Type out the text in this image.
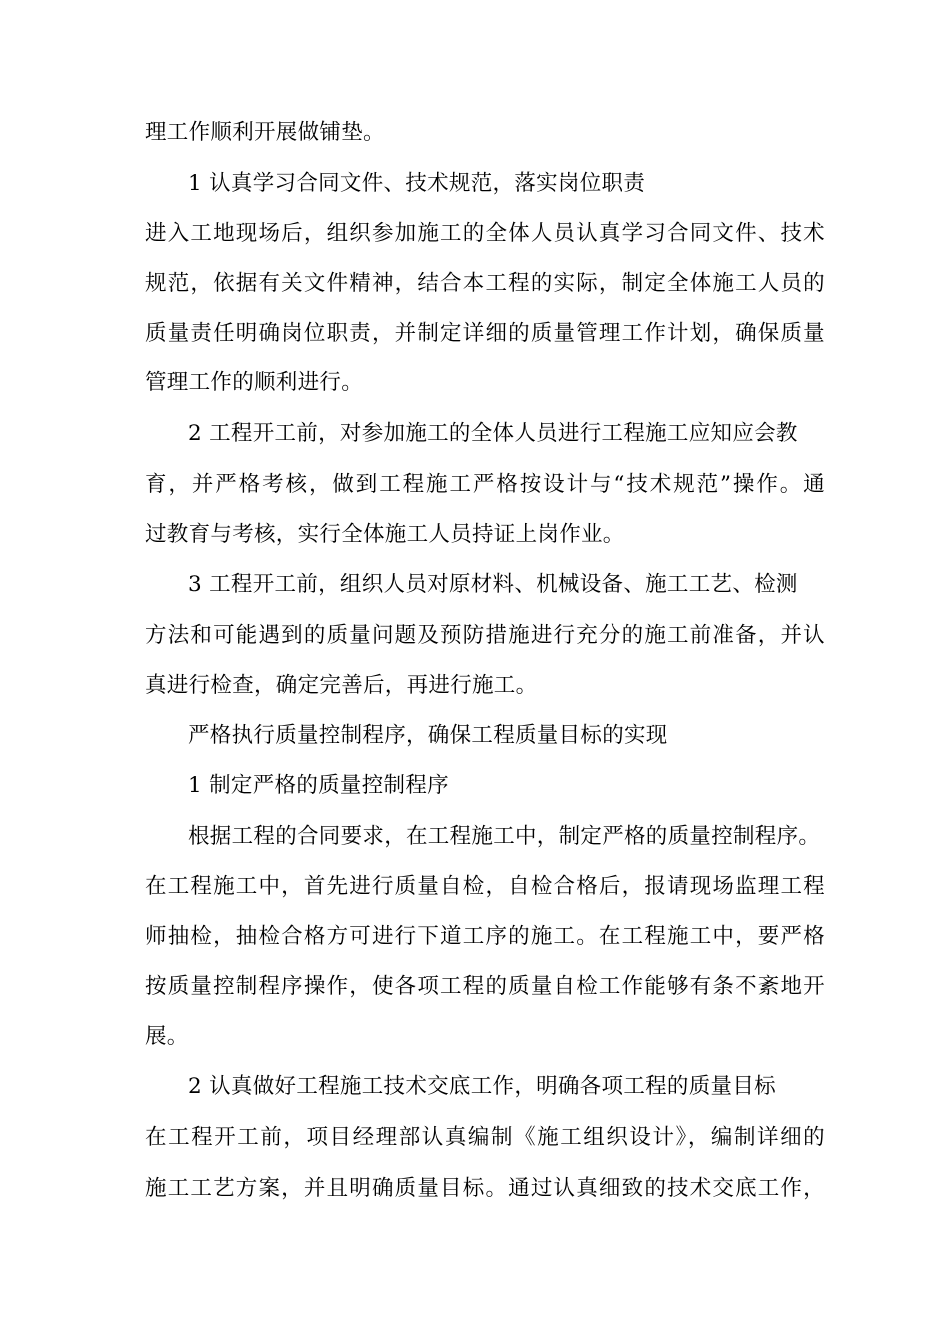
理工作顺利开展做铺垫。
1 认真学习合同文件、技术规范，落实岗位职责
进入工地现场后，组织参加施工的全体人员认真学习合同文件、技术
规范，依据有关文件精神，结合本工程的实际，制定全体施工人员的
质量责任明确岗位职责，并制定详细的质量管理工作计划，确保质量
管理工作的顺利进行。
2 工程开工前，对参加施工的全体人员进行工程施工应知应会教
育，并严格考核，做到工程施工严格按设计与“技术规范”操作。通
过教育与考核，实行全体施工人员持证上岗作业。
3 工程开工前，组织人员对原材料、机械设备、施工工艺、检测
方法和可能遇到的质量问题及预防措施进行充分的施工前准备，并认
真进行检查，确定完善后，再进行施工。
严格执行质量控制程序，确保工程质量目标的实现
1 制定严格的质量控制程序
根据工程的合同要求，在工程施工中，制定严格的质量控制程序。
在工程施工中，首先进行质量自检，自检合格后，报请现场监理工程
师抽检，抽检合格方可进行下道工序的施工。在工程施工中，要严格
按质量控制程序操作，使各项工程的质量自检工作能够有条不紊地开
展。
2 认真做好工程施工技术交底工作，明确各项工程的质量目标
在工程开工前，项目经理部认真编制《施工组织设计》，编制详细的
施工工艺方案，并且明确质量目标。通过认真细致的技术交底工作，
